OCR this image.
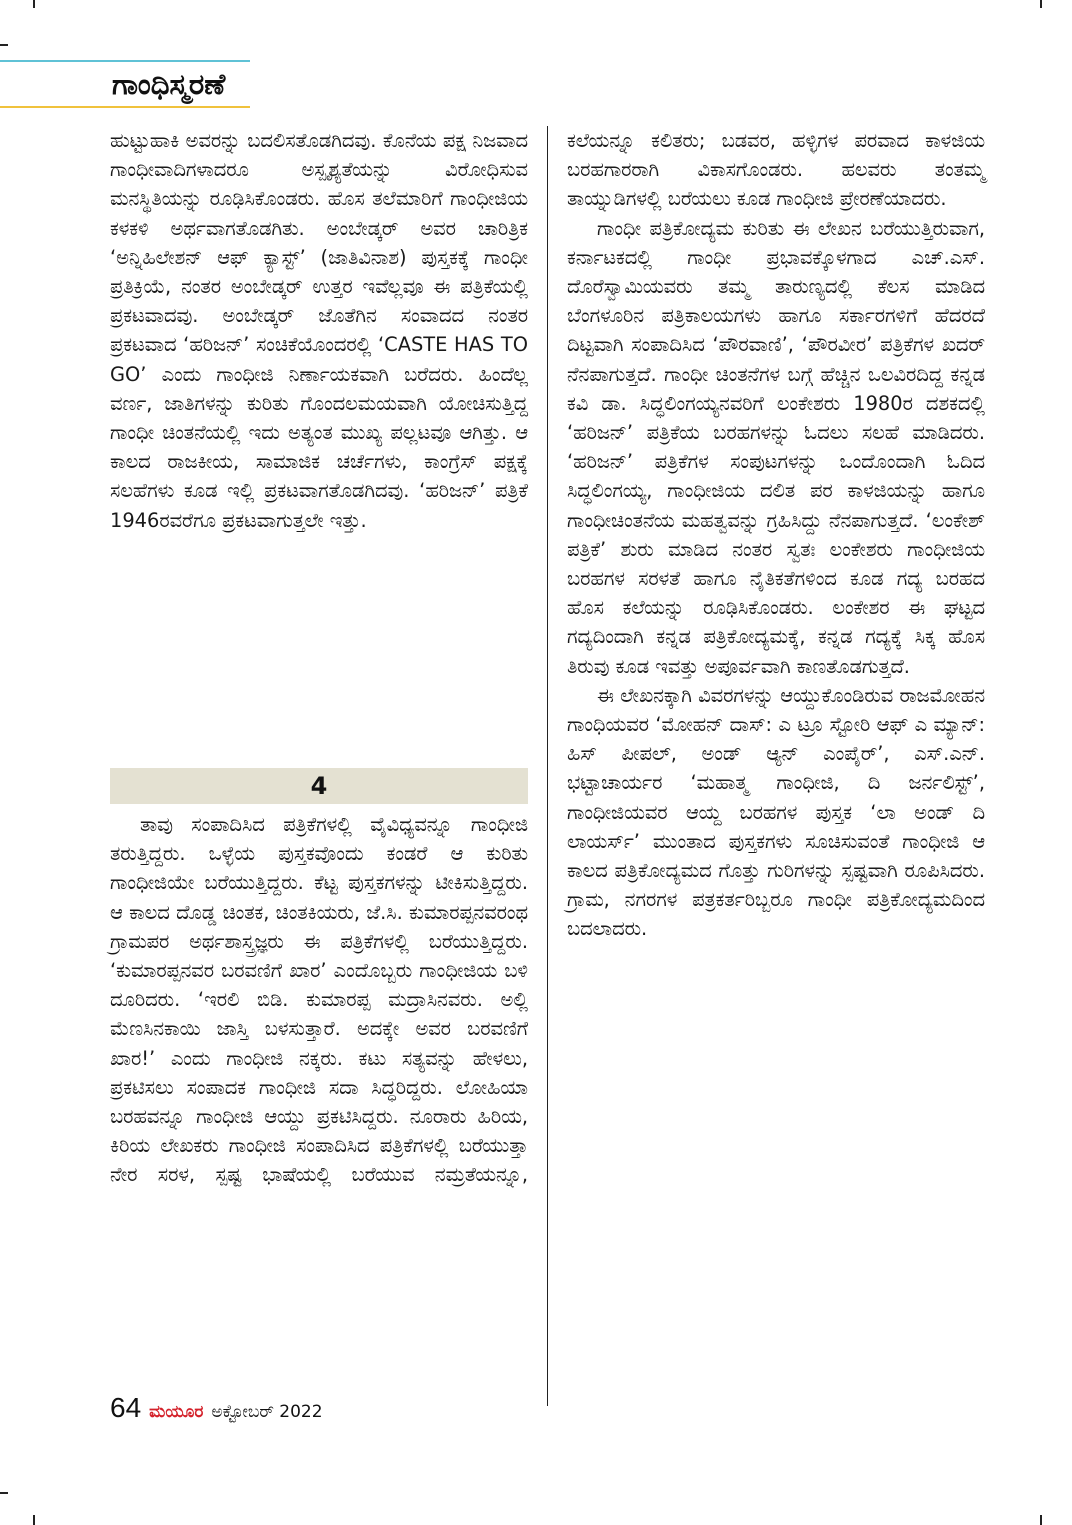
ಗಾಂಧಿಸ್ಮರಣೆ

ಹುಟ್ಟುಹಾಕಿ ಅವರನ್ನು ಬದಲಿಸತೊಡಗಿದವು. ಕೊನೆಯ ಪಕ್ಷ ನಿಜವಾದ ಗಾಂಧೀವಾದಿಗಳಾದರೂ ಅಸ್ಪೃಶ್ಯತೆಯನ್ನು ವಿರೋಧಿಸುವ ಮನಸ್ಥಿತಿಯನ್ನು ರೂಢಿಸಿಕೊಂಡರು. ಹೊಸ ತಲೆಮಾರಿಗೆ ಗಾಂಧೀಜಿಯ ಕಳಕಳಿ ಅರ್ಥವಾಗತೊಡಗಿತು. ಅಂಬೇಡ್ಕರ್ ಅವರ ಚಾರಿತ್ರಿಕ ‘ಅನ್ನಿಹಿಲೇಶನ್ ಆಫ್ ಕ್ಯಾಸ್ಟ್’ (ಜಾತಿವಿನಾಶ) ಪುಸ್ತಕಕ್ಕೆ ಗಾಂಧೀ ಪ್ರತಿಕ್ರಿಯೆ, ನಂತರ ಅಂಬೇಡ್ಕರ್ ಉತ್ತರ ಇವೆಲ್ಲವೂ ಈ ಪತ್ರಿಕೆಯಲ್ಲಿ ಪ್ರಕಟವಾದವು. ಅಂಬೇಡ್ಕರ್ ಜೊತೆಗಿನ ಸಂವಾದದ ನಂತರ ಪ್ರಕಟವಾದ ‘ಹರಿಜನ್’ ಸಂಚಿಕೆಯೊಂದರಲ್ಲಿ ‘CASTE HAS TO GO’ ಎಂದು ಗಾಂಧೀಜಿ ನಿರ್ಣಾಯಕವಾಗಿ ಬರೆದರು. ಹಿಂದೆಲ್ಲ ವರ್ಣ, ಜಾತಿಗಳನ್ನು ಕುರಿತು ಗೊಂದಲಮಯವಾಗಿ ಯೋಚಿಸುತ್ತಿದ್ದ ಗಾಂಧೀ ಚಿಂತನೆಯಲ್ಲಿ ಇದು ಅತ್ಯಂತ ಮುಖ್ಯ ಪಲ್ಲಟವೂ ಆಗಿತ್ತು. ಆ ಕಾಲದ ರಾಜಕೀಯ, ಸಾಮಾಜಿಕ ಚರ್ಚೆಗಳು, ಕಾಂಗ್ರೆಸ್ ಪಕ್ಷಕ್ಕೆ ಸಲಹೆಗಳು ಕೂಡ ಇಲ್ಲಿ ಪ್ರಕಟವಾಗತೊಡಗಿದವು. ‘ಹರಿಜನ್’ ಪತ್ರಿಕೆ 1946ರವರೆಗೂ ಪ್ರಕಟವಾಗುತ್ತಲೇ ಇತ್ತು.

4

ತಾವು ಸಂಪಾದಿಸಿದ ಪತ್ರಿಕೆಗಳಲ್ಲಿ ವೈವಿಧ್ಯವನ್ನೂ ಗಾಂಧೀಜಿ ತರುತ್ತಿದ್ದರು. ಒಳ್ಳೆಯ ಪುಸ್ತಕವೊಂದು ಕಂಡರೆ ಆ ಕುರಿತು ಗಾಂಧೀಜಿಯೇ ಬರೆಯುತ್ತಿದ್ದರು. ಕೆಟ್ಟ ಪುಸ್ತಕಗಳನ್ನು ಟೀಕಿಸುತ್ತಿದ್ದರು. ಆ ಕಾಲದ ದೊಡ್ಡ ಚಿಂತಕ, ಚಿಂತಕಿಯರು, ಜೆ.ಸಿ. ಕುಮಾರಪ್ಪನವರಂಥ ಗ್ರಾಮಪರ ಅರ್ಥಶಾಸ್ತ್ರಜ್ಞರು ಈ ಪತ್ರಿಕೆಗಳಲ್ಲಿ ಬರೆಯುತ್ತಿದ್ದರು. ‘ಕುಮಾರಪ್ಪನವರ ಬರವಣಿಗೆ ಖಾರ’ ಎಂದೊಬ್ಬರು ಗಾಂಧೀಜಿಯ ಬಳಿ ದೂರಿದರು. ‘ಇರಲಿ ಬಿಡಿ. ಕುಮಾರಪ್ಪ ಮದ್ರಾಸಿನವರು. ಅಲ್ಲಿ ಮೆಣಸಿನಕಾಯಿ ಜಾಸ್ತಿ ಬಳಸುತ್ತಾರೆ. ಅದಕ್ಕೇ ಅವರ ಬರವಣಿಗೆ ಖಾರ!’ ಎಂದು ಗಾಂಧೀಜಿ ನಕ್ಕರು. ಕಟು ಸತ್ಯವನ್ನು ಹೇಳಲು, ಪ್ರಕಟಿಸಲು ಸಂಪಾದಕ ಗಾಂಧೀಜಿ ಸದಾ ಸಿದ್ಧರಿದ್ದರು. ಲೋಹಿಯಾ ಬರಹವನ್ನೂ ಗಾಂಧೀಜಿ ಆಯ್ದು ಪ್ರಕಟಿಸಿದ್ದರು. ನೂರಾರು ಹಿರಿಯ, ಕಿರಿಯ ಲೇಖಕರು ಗಾಂಧೀಜಿ ಸಂಪಾದಿಸಿದ ಪತ್ರಿಕೆಗಳಲ್ಲಿ ಬರೆಯುತ್ತಾ ನೇರ ಸರಳ, ಸ್ಪಷ್ಟ ಭಾಷೆಯಲ್ಲಿ ಬರೆಯುವ ನಮ್ರತೆಯನ್ನೂ,

ಕಲೆಯನ್ನೂ ಕಲಿತರು; ಬಡವರ, ಹಳ್ಳಿಗಳ ಪರವಾದ ಕಾಳಜಿಯ ಬರಹಗಾರರಾಗಿ ವಿಕಾಸಗೊಂಡರು. ಹಲವರು ತಂತಮ್ಮ ತಾಯ್ನುಡಿಗಳಲ್ಲಿ ಬರೆಯಲು ಕೂಡ ಗಾಂಧೀಜಿ ಪ್ರೇರಣೆಯಾದರು.

ಗಾಂಧೀ ಪತ್ರಿಕೋದ್ಯಮ ಕುರಿತು ಈ ಲೇಖನ ಬರೆಯುತ್ತಿರುವಾಗ, ಕರ್ನಾಟಕದಲ್ಲಿ ಗಾಂಧೀ ಪ್ರಭಾವಕ್ಕೊಳಗಾದ ಎಚ್.ಎಸ್. ದೊರೆಸ್ವಾಮಿಯವರು ತಮ್ಮ ತಾರುಣ್ಯದಲ್ಲಿ ಕೆಲಸ ಮಾಡಿದ ಬೆಂಗಳೂರಿನ ಪತ್ರಿಕಾಲಯಗಳು ಹಾಗೂ ಸರ್ಕಾರಗಳಿಗೆ ಹೆದರದೆ ದಿಟ್ಟವಾಗಿ ಸಂಪಾದಿಸಿದ ‘ಪೌರವಾಣಿ’, ‘ಪೌರವೀರ’ ಪತ್ರಿಕೆಗಳ ಖದರ್ ನೆನಪಾಗುತ್ತದೆ. ಗಾಂಧೀ ಚಿಂತನೆಗಳ ಬಗ್ಗೆ ಹೆಚ್ಚಿನ ಒಲವಿರದಿದ್ದ ಕನ್ನಡ ಕವಿ ಡಾ. ಸಿದ್ಧಲಿಂಗಯ್ಯನವರಿಗೆ ಲಂಕೇಶರು 1980ರ ದಶಕದಲ್ಲಿ ‘ಹರಿಜನ್’ ಪತ್ರಿಕೆಯ ಬರಹಗಳನ್ನು ಓದಲು ಸಲಹೆ ಮಾಡಿದರು. ‘ಹರಿಜನ್’ ಪತ್ರಿಕೆಗಳ ಸಂಪುಟಗಳನ್ನು ಒಂದೊಂದಾಗಿ ಓದಿದ ಸಿದ್ಧಲಿಂಗಯ್ಯ, ಗಾಂಧೀಜಿಯ ದಲಿತ ಪರ ಕಾಳಜಿಯನ್ನು ಹಾಗೂ ಗಾಂಧೀಚಿಂತನೆಯ ಮಹತ್ವವನ್ನು ಗ್ರಹಿಸಿದ್ದು ನೆನಪಾಗುತ್ತದೆ. ‘ಲಂಕೇಶ್ ಪತ್ರಿಕೆ’ ಶುರು ಮಾಡಿದ ನಂತರ ಸ್ವತಃ ಲಂಕೇಶರು ಗಾಂಧೀಜಿಯ ಬರಹಗಳ ಸರಳತೆ ಹಾಗೂ ನೈತಿಕತೆಗಳಿಂದ ಕೂಡ ಗದ್ಯ ಬರಹದ ಹೊಸ ಕಲೆಯನ್ನು ರೂಢಿಸಿಕೊಂಡರು. ಲಂಕೇಶರ ಈ ಘಟ್ಟದ ಗದ್ಯದಿಂದಾಗಿ ಕನ್ನಡ ಪತ್ರಿಕೋದ್ಯಮಕ್ಕೆ, ಕನ್ನಡ ಗದ್ಯಕ್ಕೆ ಸಿಕ್ಕ ಹೊಸ ತಿರುವು ಕೂಡ ಇವತ್ತು ಅಪೂರ್ವವಾಗಿ ಕಾಣತೊಡಗುತ್ತದೆ.

ಈ ಲೇಖನಕ್ಕಾಗಿ ವಿವರಗಳನ್ನು ಆಯ್ದುಕೊಂಡಿರುವ ರಾಜಮೋಹನ ಗಾಂಧಿಯವರ ‘ಮೋಹನ್ ದಾಸ್: ಎ ಟ್ರೂ ಸ್ಟೋರಿ ಆಫ್ ಎ ಮ್ಯಾನ್: ಹಿಸ್ ಪೀಪಲ್, ಅಂಡ್ ಆ್ಯನ್ ಎಂಪೈರ್’, ಎಸ್.ಎನ್. ಭಟ್ಟಾಚಾರ್ಯರ ‘ಮಹಾತ್ಮ ಗಾಂಧೀಜಿ, ದಿ ಜರ್ನಲಿಸ್ಟ್’, ಗಾಂಧೀಜಿಯವರ ಆಯ್ದ ಬರಹಗಳ ಪುಸ್ತಕ ‘ಲಾ ಅಂಡ್ ದಿ ಲಾಯರ್ಸ್’ ಮುಂತಾದ ಪುಸ್ತಕಗಳು ಸೂಚಿಸುವಂತೆ ಗಾಂಧೀಜಿ ಆ ಕಾಲದ ಪತ್ರಿಕೋದ್ಯಮದ ಗೊತ್ತು ಗುರಿಗಳನ್ನು ಸ್ಪಷ್ಟವಾಗಿ ರೂಪಿಸಿದರು. ಗ್ರಾಮ, ನಗರಗಳ ಪತ್ರಕರ್ತರಿಬ್ಬರೂ ಗಾಂಧೀ ಪತ್ರಿಕೋದ್ಯಮದಿಂದ ಬದಲಾದರು.

64 ಮಯೂರ ಅಕ್ಟೋಬರ್ 2022
